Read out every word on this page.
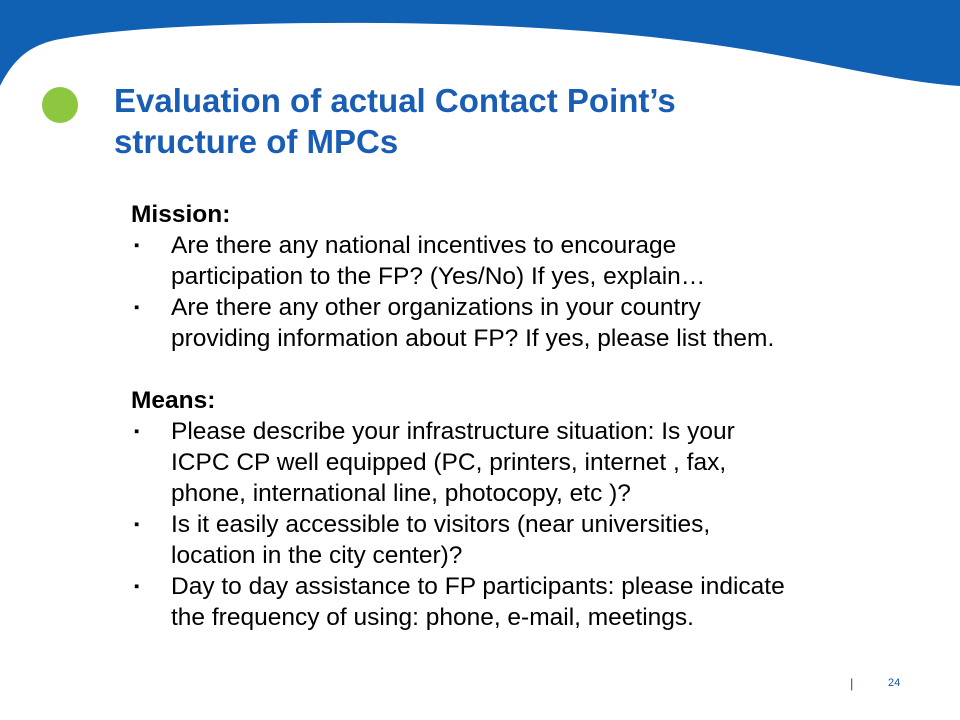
Evaluation of actual Contact Point’s
structure of MPCs

Mission:

▪	Are there any national incentives to encourage
participation to the FP? (Yes/No) If yes, explain…
▪	Are there any other organizations in your country
providing information about FP? If yes, please list them.

Means:

▪	Please describe your infrastructure situation: Is your
ICPC CP well equipped (PC, printers, internet , fax,
phone, international line, photocopy, etc )?
▪	Is it easily accessible to visitors (near universities,
location in the city center)?
▪	Day to day assistance to FP participants: please indicate
the frequency of using: phone, e-mail, meetings.
|	24
